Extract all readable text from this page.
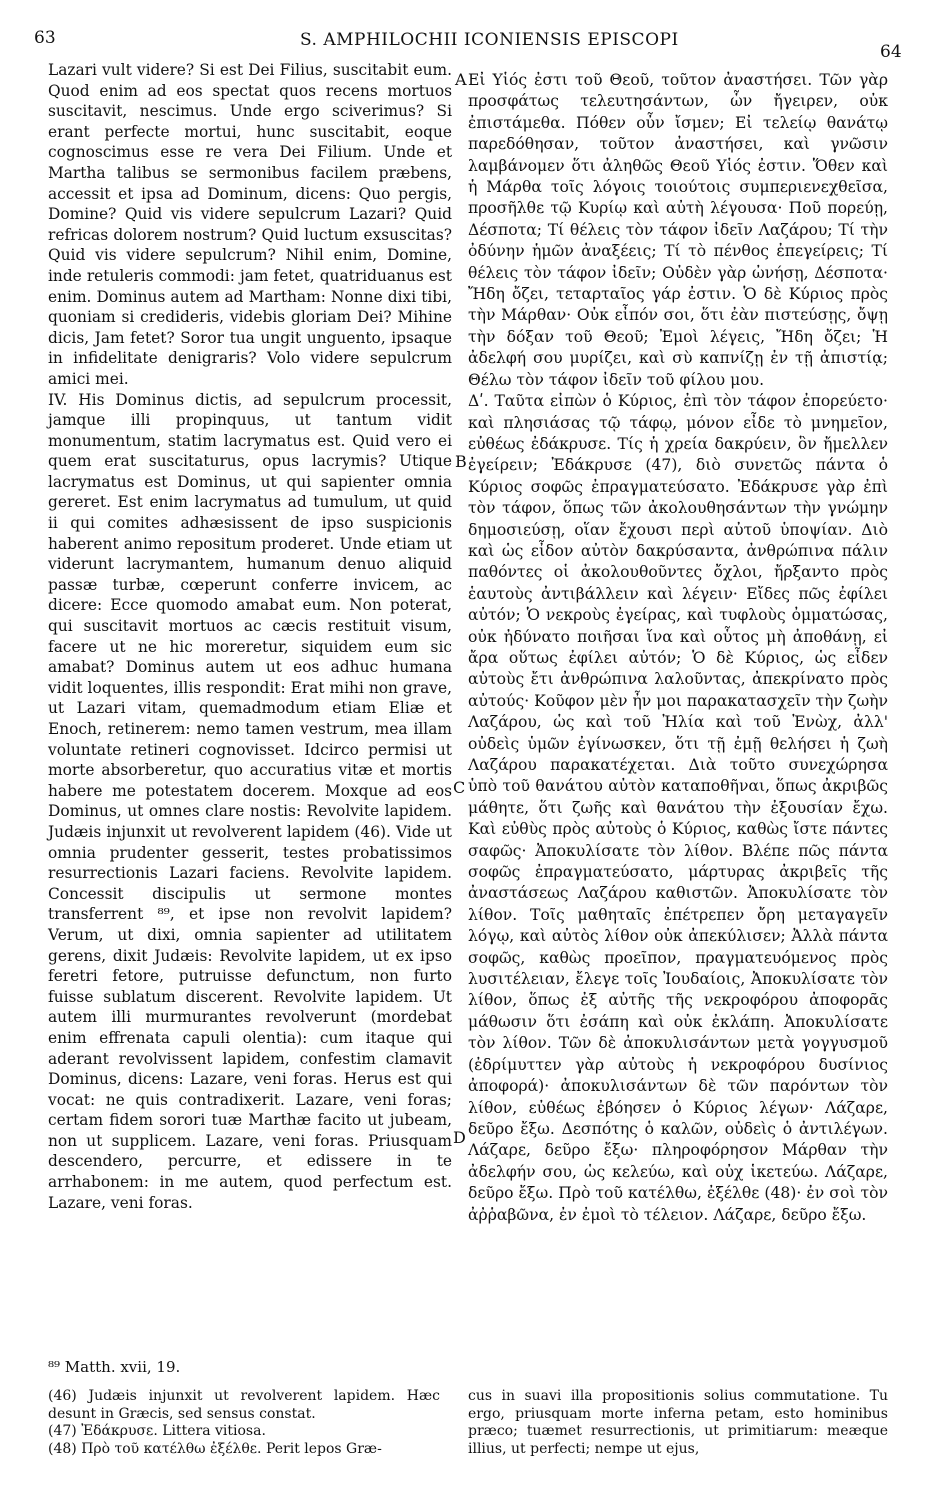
63	S. AMPHILOCHII ICONIENSIS EPISCOPI
64

Lazari vult videre? Si est Dei Filius, suscitabit eum. Quod enim ad eos spectat quos recens mortuos suscitavit, nescimus. Unde ergo sciverimus? Si erant perfecte mortui, hunc suscitabit, eoque cognoscimus esse re vera Dei Filium. Unde et Martha talibus se sermonibus facilem præbens, accessit et ipsa ad Dominum, dicens: Quo pergis, Domine? Quid vis videre sepulcrum Lazari? Quid refricas dolorem nostrum? Quid luctum exsuscitas? Quid vis videre sepulcrum? Nihil enim, Domine, inde retuleris commodi: jam fetet, quatriduanus est enim. Dominus autem ad Martham: Nonne dixi tibi, quoniam si credideris, videbis gloriam Dei? Mihine dicis, Jam fetet? Soror tua ungit unguento, ipsaque in infidelitate denigraris? Volo videre sepulcrum amici mei.

IV. His Dominus dictis, ad sepulcrum processit, jamque illi propinquus, ut tantum vidit monumentum, statim lacrymatus est. Quid vero ei quem erat suscitaturus, opus lacrymis? Utique lacrymatus est Dominus, ut qui sapienter omnia gereret. Est enim lacrymatus ad tumulum, ut quid ii qui comites adhæsissent de ipso suspicionis haberent animo repositum proderet. Unde etiam ut viderunt lacrymantem, humanum denuo aliquid passæ turbæ, cœperunt conferre invicem, ac dicere: Ecce quomodo amabat eum. Non poterat, qui suscitavit mortuos ac cæcis restituit visum, facere ut ne hic moreretur, siquidem eum sic amabat? Dominus autem ut eos adhuc humana vidit loquentes, illis respondit: Erat mihi non grave, ut Lazari vitam, quemadmodum etiam Eliæ et Enoch, retinerem: nemo tamen vestrum, mea illam voluntate retineri cognovisset. Idcirco permisi ut morte absorberetur, quo accuratius vitæ et mortis habere me potestatem docerem. Moxque ad eos Dominus, ut omnes clare nostis: Revolvite lapidem. Judæis injunxit ut revolverent lapidem (46). Vide ut omnia prudenter gesserit, testes probatissimos resurrectionis Lazari faciens. Revolvite lapidem. Concessit discipulis ut sermone montes transferrent ⁸⁹, et ipse non revolvit lapidem? Verum, ut dixi, omnia sapienter ad utilitatem gerens, dixit Judæis: Revolvite lapidem, ut ex ipso feretri fetore, putruisse defunctum, non furto fuisse sublatum discerent. Revolvite lapidem. Ut autem illi murmurantes revolverunt (mordebat enim effrenata capuli olentia): cum itaque qui aderant revolvissent lapidem, confestim clamavit Dominus, dicens: Lazare, veni foras. Herus est qui vocat: ne quis contradixerit. Lazare, veni foras; certam fidem sorori tuæ Marthæ facito ut jubeam, non ut supplicem. Lazare, veni foras. Priusquam descendero, percurre, et edissere in te arrhabonem: in me autem, quod perfectum est. Lazare, veni foras.

A
B
C
D

Εἰ Υἱός ἐστι τοῦ Θεοῦ, τοῦτον ἀναστήσει. Τῶν γὰρ προσφάτως τελευτησάντων, ὧν ἤγειρεν, οὐκ ἐπιστάμεθα. Πόθεν οὖν ἴσμεν; Εἰ τελείῳ θανάτῳ παρεδόθησαν, τοῦτον ἀναστήσει, καὶ γνῶσιν λαμβάνομεν ὅτι ἀληθῶς Θεοῦ Υἱός ἐστιν. Ὅθεν καὶ ἡ Μάρθα τοῖς λόγοις τοιούτοις συμπεριενεχθεῖσα, προσῆλθε τῷ Κυρίῳ καὶ αὐτὴ λέγουσα· Ποῦ πορεύῃ, Δέσποτα; Τί θέλεις τὸν τάφον ἰδεῖν Λαζάρου; Τί τὴν ὀδύνην ἡμῶν ἀναξέεις; Τί τὸ πένθος ἐπεγείρεις; Τί θέλεις τὸν τάφον ἰδεῖν; Οὐδὲν γὰρ ὠνήσῃ, Δέσποτα· Ἤδη ὄζει, τεταρταῖος γάρ ἐστιν. Ὁ δὲ Κύριος πρὸς τὴν Μάρθαν· Οὐκ εἶπόν σοι, ὅτι ἐὰν πιστεύσῃς, ὄψῃ τὴν δόξαν τοῦ Θεοῦ; Ἐμοὶ λέγεις, Ἤδη ὄζει; Ἡ ἀδελφή σου μυρίζει, καὶ σὺ καπνίζῃ ἐν τῇ ἀπιστίᾳ; Θέλω τὸν τάφον ἰδεῖν τοῦ φίλου μου.

Δʹ. Ταῦτα εἰπὼν ὁ Κύριος, ἐπὶ τὸν τάφον ἐπορεύετο· καὶ πλησιάσας τῷ τάφῳ, μόνον εἶδε τὸ μνημεῖον, εὐθέως ἐδάκρυσε. Τίς ἡ χρεία δακρύειν, ὃν ἤμελλεν ἐγείρειν; Ἐδάκρυσε (47), διὸ συνετῶς πάντα ὁ Κύριος σοφῶς ἐπραγματεύσατο. Ἐδάκρυσε γὰρ ἐπὶ τὸν τάφον, ὅπως τῶν ἀκολουθησάντων τὴν γνώμην δημοσιεύσῃ, οἵαν ἔχουσι περὶ αὐτοῦ ὑποψίαν. Διὸ καὶ ὡς εἶδον αὐτὸν δακρύσαντα, ἀνθρώπινα πάλιν παθόντες οἱ ἀκολουθοῦντες ὄχλοι, ἤρξαντο πρὸς ἑαυτοὺς ἀντιβάλλειν καὶ λέγειν· Εἴδες πῶς ἐφίλει αὐτόν; Ὁ νεκροὺς ἐγείρας, καὶ τυφλοὺς ὀμματώσας, οὐκ ἠδύνατο ποιῆσαι ἵνα καὶ οὗτος μὴ ἀποθάνῃ, εἰ ἄρα οὕτως ἐφίλει αὐτόν; Ὁ δὲ Κύριος, ὡς εἶδεν αὐτοὺς ἔτι ἀνθρώπινα λαλοῦντας, ἀπεκρίνατο πρὸς αὐτούς· Κοῦφον μὲν ἦν μοι παρακατασχεῖν τὴν ζωὴν Λαζάρου, ὡς καὶ τοῦ Ἠλία καὶ τοῦ Ἐνὼχ, ἀλλ' οὐδεὶς ὑμῶν ἐγίνωσκεν, ὅτι τῇ ἐμῇ θελήσει ἡ ζωὴ Λαζάρου παρακατέχεται. Διὰ τοῦτο συνεχώρησα ὑπὸ τοῦ θανάτου αὐτὸν καταποθῆναι, ὅπως ἀκριβῶς μάθητε, ὅτι ζωῆς καὶ θανάτου τὴν ἐξουσίαν ἔχω. Καὶ εὐθὺς πρὸς αὐτοὺς ὁ Κύριος, καθὼς ἴστε πάντες σαφῶς· Ἀποκυλίσατε τὸν λίθον. Βλέπε πῶς πάντα σοφῶς ἐπραγματεύσατο, μάρτυρας ἀκριβεῖς τῆς ἀναστάσεως Λαζάρου καθιστῶν. Ἀποκυλίσατε τὸν λίθον. Τοῖς μαθηταῖς ἐπέτρεπεν ὄρη μεταγαγεῖν λόγῳ, καὶ αὐτὸς λίθον οὐκ ἀπεκύλισεν; Ἀλλὰ πάντα σοφῶς, καθὼς προεῖπον, πραγματευόμενος πρὸς λυσιτέλειαν, ἔλεγε τοῖς Ἰουδαίοις, Ἀποκυλίσατε τὸν λίθον, ὅπως ἐξ αὐτῆς τῆς νεκροφόρου ἀποφορᾶς μάθωσιν ὅτι ἐσάπη καὶ οὐκ ἐκλάπη. Ἀποκυλίσατε τὸν λίθον. Τῶν δὲ ἀποκυλισάντων μετὰ γογγυσμοῦ (ἐδρίμυττεν γὰρ αὐτοὺς ἡ νεκροφόρου δυσίνιος ἀποφορά)· ἀποκυλισάντων δὲ τῶν παρόντων τὸν λίθον, εὐθέως ἐβόησεν ὁ Κύριος λέγων· Λάζαρε, δεῦρο ἔξω. Δεσπότης ὁ καλῶν, οὐδεὶς ὁ ἀντιλέγων. Λάζαρε, δεῦρο ἔξω· πληροφόρησον Μάρθαν τὴν ἀδελφήν σου, ὡς κελεύω, καὶ οὐχ ἱκετεύω. Λάζαρε, δεῦρο ἔξω. Πρὸ τοῦ κατέλθω, ἐξέλθε (48)· ἐν σοὶ τὸν ἀῤῥαβῶνα, ἐν ἐμοὶ τὸ τέλειον. Λάζαρε, δεῦρο ἔξω.

⁸⁹ Matth. xvii, 19.

(46) Judæis injunxit ut revolverent lapidem. Hæc desunt in Græcis, sed sensus constat.

(47) Ἐδάκρυσε. Littera vitiosa.

(48) Πρὸ τοῦ κατέλθω ἐξέλθε. Perit lepos Græ-

cus in suavi illa propositionis solius commutatione. Tu ergo, priusquam morte inferna petam, esto hominibus præco; tuæmet resurrectionis, ut primitiarum: meæque illius, ut perfecti; nempe ut ejus,
